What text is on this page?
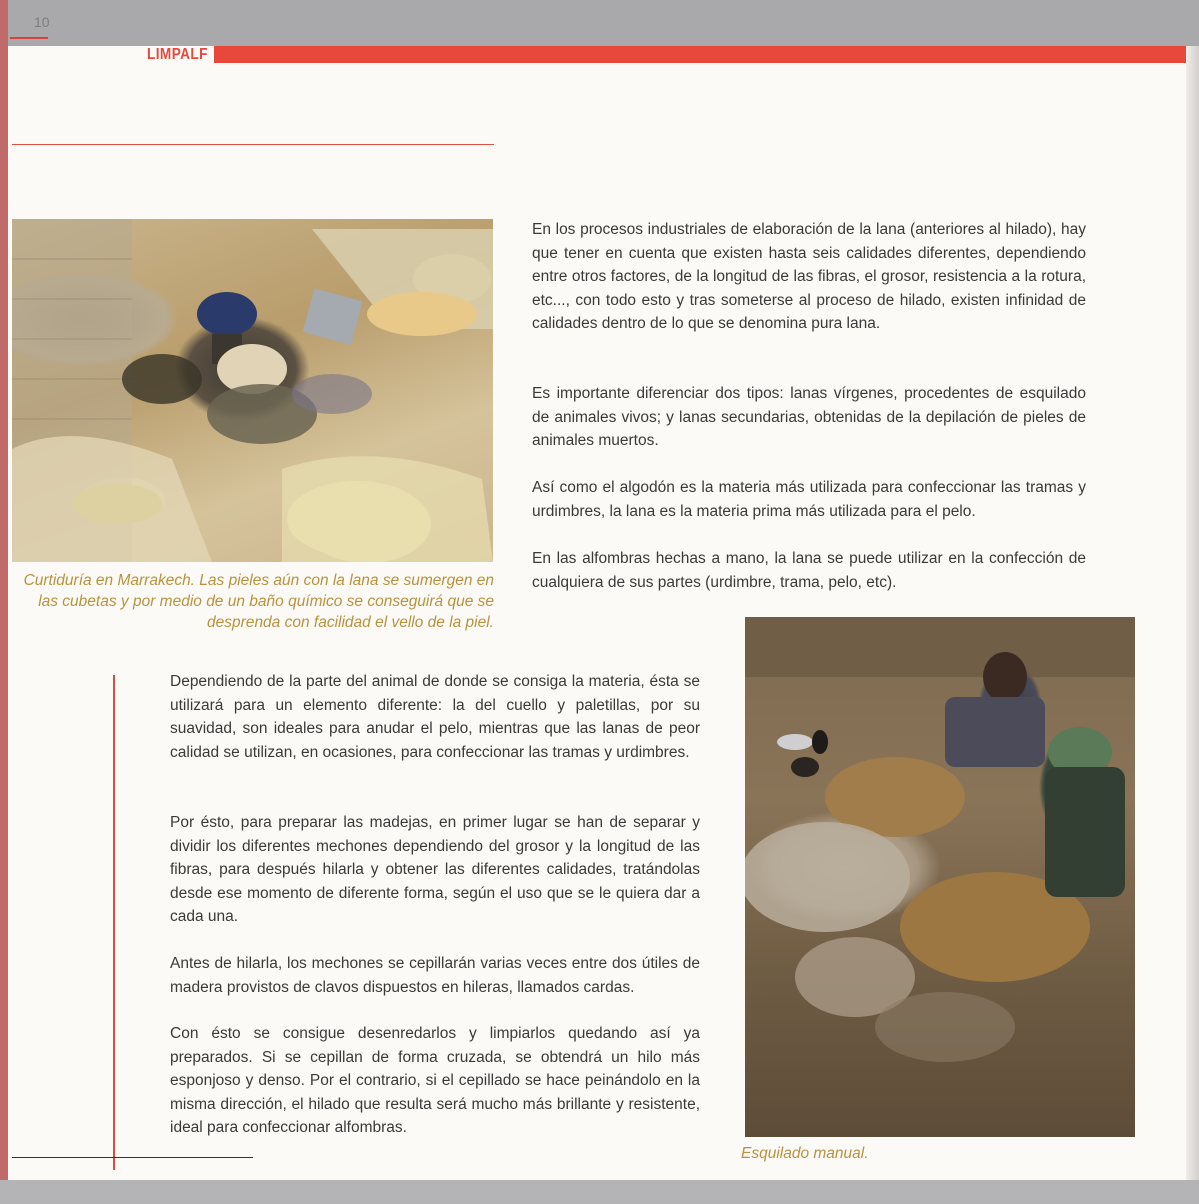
10
LIMPALF
Curtiduría en Marrakech. Las pieles aún con la lana se sumergen en las cubetas y por medio de un baño químico se conseguirá que se desprenda con facilidad el vello de la piel.

En los procesos industriales de elaboración de la lana (anteriores al hilado), hay que tener en cuenta que existen hasta seis calidades diferentes, dependiendo entre otros factores, de la longitud de las fibras, el grosor, resistencia a la rotura, etc..., con todo esto y tras someterse al proceso de hilado, existen infinidad de calidades dentro de lo que se denomina pura lana.

Es importante diferenciar dos tipos: lanas vírgenes, procedentes de esquilado de animales vivos; y lanas secundarias, obtenidas de la depilación de pieles de animales muertos.

Así como el algodón es la materia más utilizada para confeccionar las tramas y urdimbres, la lana es la materia prima más utilizada para el pelo.

En las alfombras hechas a mano, la lana se puede utilizar en la confección de cualquiera de sus partes (urdimbre, trama, pelo, etc).

Esquilado manual.

Dependiendo de la parte del animal de donde se consiga la materia, ésta se utilizará para un elemento diferente: la del cuello y paletillas, por su suavidad, son ideales para anudar el pelo, mientras que las lanas de peor calidad se utilizan, en ocasiones, para confeccionar las tramas y urdimbres.

Por ésto, para preparar las madejas, en primer lugar se han de separar y dividir los diferentes mechones dependiendo del grosor y la longitud de las fibras, para después hilarla y obtener las diferentes calidades, tratándolas desde ese momento de diferente forma, según el uso que se le quiera dar a cada una.

Antes de hilarla, los mechones se cepillarán varias veces entre dos útiles de madera provistos de clavos dispuestos en hileras, llamados cardas.

Con ésto se consigue desenredarlos y limpiarlos quedando así ya preparados. Si se cepillan de forma cruzada, se obtendrá un hilo más esponjoso y denso. Por el contrario, si el cepillado se hace peinándolo en la misma dirección, el hilado que resulta será mucho más brillante y resistente, ideal para confeccionar alfombras.
